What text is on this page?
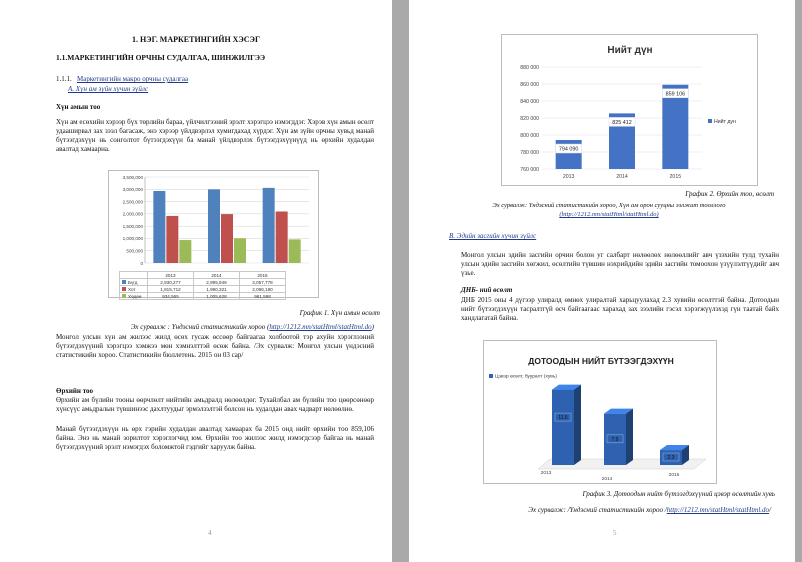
1. НЭГ. МАРКЕТИНГИЙН ХЭСЭГ
1.1.МАРКЕТИНГИЙН ОРЧНЫ СУДАЛГАА, ШИНЖИЛГЭЭ
1.1.1. Маркетингийн макро орчны судалгаа
A. Хүн ам зүйн хүчин зүйлс
Хүн амын тоо
Хүн ам есөхийн хэрээр бүх төрлийн бараа, үйлчилгээний эрэлт хэрэгцээ нэмэгддэг. Хэрэв хүн амын өсөлт удааширвал зах зээл багасаж, энэ хэрээр үйлдвэрлэл хумигдахад хүрдэг. Хүн ам зүйн орчны хувьд манай бүтээгдэхүүн нь сонголтот бүтээгдэхүүн ба манай үйлдвэрлэх бүтээгдэхүүнүүд нь өрхийн худалдан авалтад хамаарна.
0
500,000
1,000,000
1,500,000
2,000,000
2,500,000
3,000,000
3,500,000
	2013	2014	2015
Бүгд	2,930,277	2,995,949	3,057,778
Хот	1,915,712	1,990,321	2,096,180
Хөдөө	934,565	1,005,628	961,598
График 1. Хүн амын өсөлт
Эх сурвалж : Үндэсний статистикийн хороо (http://1212.mn/statHtml/statHtml.do)
Монгол улсын хүн ам жилээс жилд өсөх гусаж өссөөр байгаагаа холбоотой тэр ахуйн хэрэглээний бүтээгдэхүүний хэрэгцээ хэмжээ мөн хэмнэлттэй өсөж байна. /Эх сурвалж: Монгол улсын үндэсний статистикийн хороо. Статистикийн бюллетень. 2015 он 03 сар/
Өрхийн тоо
Өрхийн ам бүлийн тооны өөрчлөлт нийтийн амьдралд нөлөөлдөг. Тухайлбал ам бүлийн тоо цөөрсөнөөр хүнсүүс амьдралын түвшинээс дахлтуудыг эрмэлзэлтэй болсон нь худалдан авах чадварт нөлөөлнө.
Манай бүтээгдэхүүн нь өрх гэрийн худалдан авалтад хамаарах ба 2015 онд нийт өрхийн тоо 859,106 байна. Энэ нь манай зорилтот хэрэглэгчид юм. Өрхийн тоо жилээс жилд нэмэгдсээр байгаа нь манай бүтээгдэхүүний эрэлт нэмэгдэх боломжтой гэдгийг харуулж байна.
4
Нийт дүн
760 000
780 000
800 000
820 000
840 000
860 000
880 000
794 090
2013
825 412
2014
859 106
2015
Нийт дүн
График 2. Өрхийн тоо, өсөлт
Эх сурвалж: Үндэсний статистикийн хороо, Хүн ам орон сууцны ээлжит тооллого
(http://1212.mn/statHtml/statHtml.do)
B. Эдийн засгийн хүчин зүйлс
Монгол улсын эдийн засгийн орчин болон уг салбарт нөлөөлөх нөлөөллийг авч үзэхийн тулд тухайн улсын эдийн засгийн хөгжил, өсөлтийн түвшин нэхрийдийн эдийн засгийн томоохон үзүүлэлтүүдийг авч үзье.
ДНБ- ний өсөлт
ДНБ 2015 оны 4 дүгээр улиралд өмнөх улиралтай харьцуулахад 2.3 хувийн өсөлттэй байна. Дотоодын нийт бүтээгдэхүүн тасралтгүй өсч байгаагаас харахад зах зээлийн гэсэл хэрэгжүүлэхэд гүн таатай байх хандлагатай байна.
ДОТООДЫН НИЙТ БҮТЭЭГДЭХҮҮН
Цэвэр өсөлт, бууралт (хувь)
11.6
7.9
2.3
2013
2014
2015
График 3. Дотоодын нийт бүтээгдэхүүний цэвэр өсөлтийн хувь
Эх сурвалж: /Үндэсний статистикийн хороо /http://1212.mn/statHtml/statHtml.do/
5
